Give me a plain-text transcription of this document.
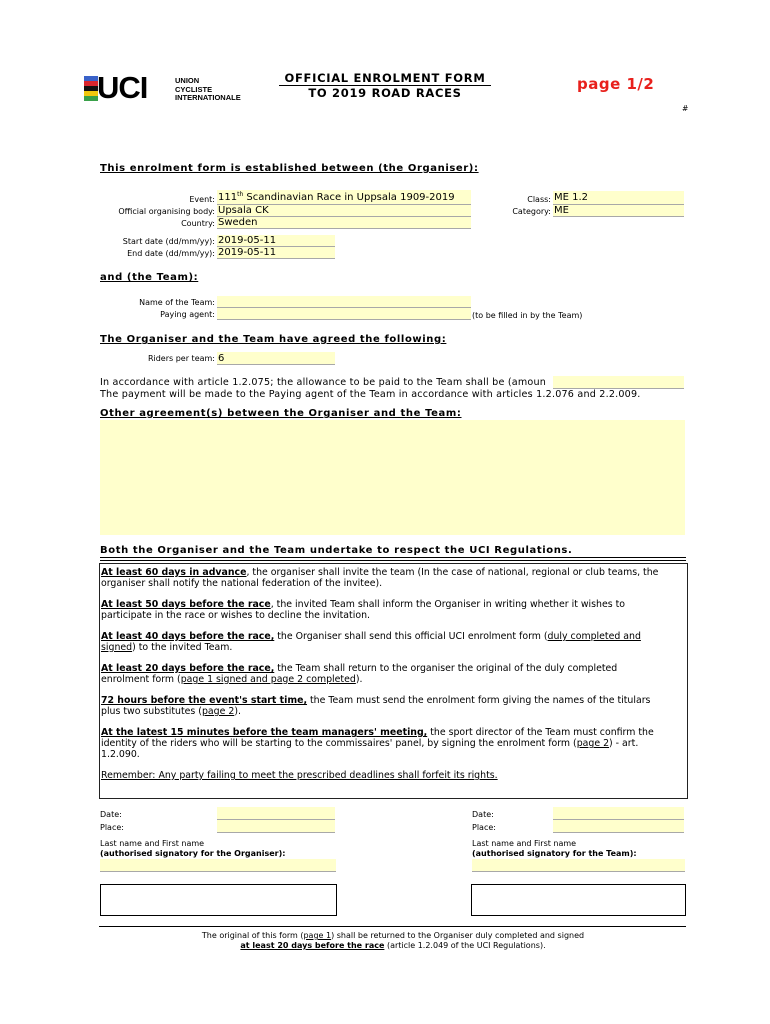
UCI	UNION
CYCLISTE
INTERNATIONALE
OFFICIAL ENROLMENT FORM
TO 2019 ROAD RACES	page 1/2
#
This enrolment form is established between (the Organiser):
Event: 111th Scandinavian Race in Uppsala 1909-2019
Official organising body: Upsala CK
Country: Sweden
Class: ME 1.2
Category: ME
Start date (dd/mm/yy): 2019-05-11
End date (dd/mm/yy): 2019-05-11
and (the Team):
Name of the Team:
Paying agent:	(to be filled in by the Team)
The Organiser and the Team have agreed the following:
Riders per team: 6
In accordance with article 1.2.075; the allowance to be paid to the Team shall be (amoun
The payment will be made to the Paying agent of the Team in accordance with articles 1.2.076 and 2.2.009.
Other agreement(s) between the Organiser and the Team:
Both the Organiser and the Team undertake to respect the UCI Regulations.
At least 60 days in advance, the organiser shall invite the team (In the case of national, regional or club teams, the
organiser shall notify the national federation of the invitee).
At least 50 days before the race, the invited Team shall inform the Organiser in writing whether it wishes to
participate in the race or wishes to decline the invitation.
At least 40 days before the race, the Organiser shall send this official UCI enrolment form (duly completed and
signed) to the invited Team.
At least 20 days before the race, the Team shall return to the organiser the original of the duly completed
enrolment form (page 1 signed and page 2 completed).
72 hours before the event's start time, the Team must send the enrolment form giving the names of the titulars
plus two substitutes (page 2).
At the latest 15 minutes before the team managers' meeting, the sport director of the Team must confirm the
identity of the riders who will be starting to the commissaires' panel, by signing the enrolment form (page 2) - art.
1.2.090.
Remember: Any party failing to meet the prescribed deadlines shall forfeit its rights.
Date:
Place:
Date:
Place:
Last name and First name
(authorised signatory for the Organiser):
Last name and First name
(authorised signatory for the Team):
The original of this form (page 1) shall be returned to the Organiser duly completed and signed
at least 20 days before the race (article 1.2.049 of the UCI Regulations).
